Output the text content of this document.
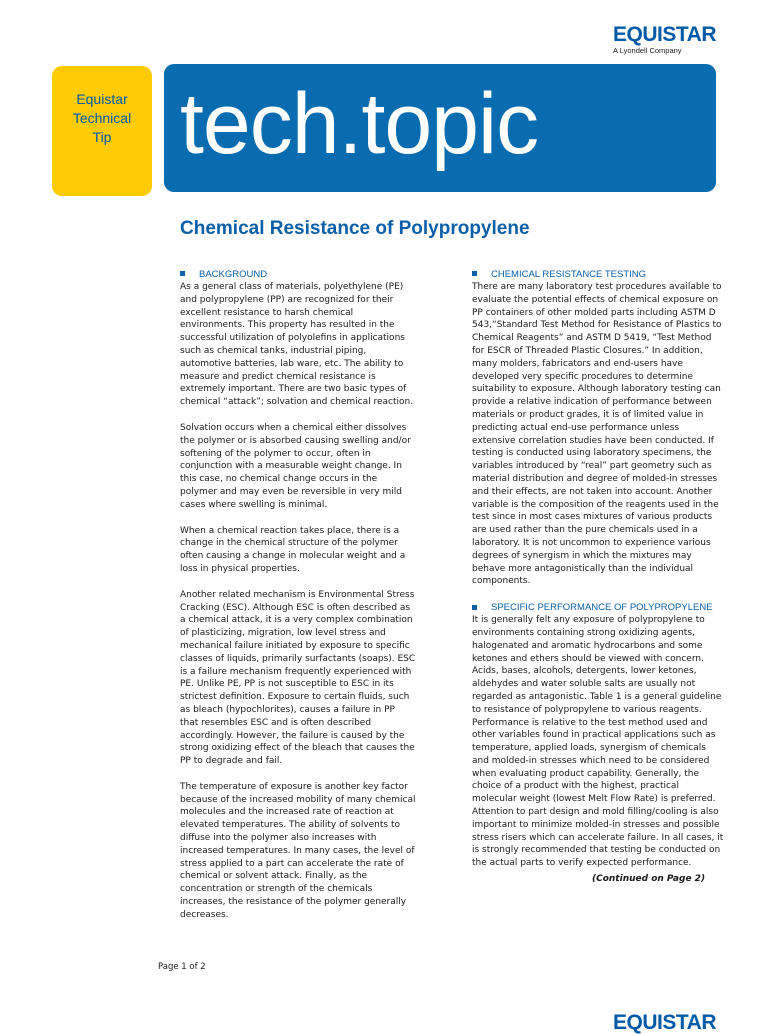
EQUISTAR
A Lyondell Company
Equistar
Technical
Tip tech.topic
Chemical Resistance of Polypropylene
BACKGROUND

As a general class of materials, polyethylene (PE) and polypropylene (PP) are recognized for their excellent resistance to harsh chemical environments. This property has resulted in the successful utilization of polyolefins in applications such as chemical tanks, industrial piping, automotive batteries, lab ware, etc. The ability to measure and predict chemical resistance is extremely important. There are two basic types of chemical “attack”; solvation and chemical reaction.

Solvation occurs when a chemical either dissolves the polymer or is absorbed causing swelling and/or softening of the polymer to occur, often in conjunction with a measurable weight change. In this case, no chemical change occurs in the polymer and may even be reversible in very mild cases where swelling is minimal.

When a chemical reaction takes place, there is a change in the chemical structure of the polymer often causing a change in molecular weight and a loss in physical properties.

Another related mechanism is Environmental Stress Cracking (ESC). Although ESC is often described as a chemical attack, it is a very complex combination of plasticizing, migration, low level stress and mechanical failure initiated by exposure to specific classes of liquids, primarily surfactants (soaps). ESC is a failure mechanism frequently experienced with PE. Unlike PE, PP is not susceptible to ESC in its strictest definition. Exposure to certain fluids, such as bleach (hypochlorites), causes a failure in PP that resembles ESC and is often described accordingly. However, the failure is caused by the strong oxidizing effect of the bleach that causes the PP to degrade and fail.

The temperature of exposure is another key factor because of the increased mobility of many chemical molecules and the increased rate of reaction at elevated temperatures. The ability of solvents to diffuse into the polymer also increases with increased temperatures. In many cases, the level of stress applied to a part can accelerate the rate of chemical or solvent attack. Finally, as the concentration or strength of the chemicals increases, the resistance of the polymer generally decreases.

CHEMICAL RESISTANCE TESTING

There are many laboratory test procedures available to evaluate the potential effects of chemical exposure on PP containers of other molded parts including ASTM D 543,“Standard Test Method for Resistance of Plastics to Chemical Reagents” and ASTM D 5419, “Test Method for ESCR of Threaded Plastic Closures.” In addition, many molders, fabricators and end-users have developed very specific procedures to determine suitability to exposure. Although laboratory testing can provide a relative indication of performance between materials or product grades, it is of limited value in predicting actual end-use performance unless extensive correlation studies have been conducted. If testing is conducted using laboratory specimens, the variables introduced by “real” part geometry such as material distribution and degree of molded-in stresses and their effects, are not taken into account. Another variable is the composition of the reagents used in the test since in most cases mixtures of various products are used rather than the pure chemicals used in a laboratory. It is not uncommon to experience various degrees of synergism in which the mixtures may behave more antagonistically than the individual components.

SPECIFIC PERFORMANCE OF POLYPROPYLENE

It is generally felt any exposure of polypropylene to environments containing strong oxidizing agents, halogenated and aromatic hydrocarbons and some ketones and ethers should be viewed with concern. Acids, bases, alcohols, detergents, lower ketones, aldehydes and water soluble salts are usually not regarded as antagonistic. Table 1 is a general guideline to resistance of polypropylene to various reagents. Performance is relative to the test method used and other variables found in practical applications such as temperature, applied loads, synergism of chemicals and molded-in stresses which need to be considered when evaluating product capability. Generally, the choice of a product with the highest, practical molecular weight (lowest Melt Flow Rate) is preferred. Attention to part design and mold filling/cooling is also important to minimize molded-in stresses and possible stress risers which can accelerate failure. In all cases, it is strongly recommended that testing be conducted on the actual parts to verify expected performance.

(Continued on Page 2)
Page 1 of 2
EQUISTAR
